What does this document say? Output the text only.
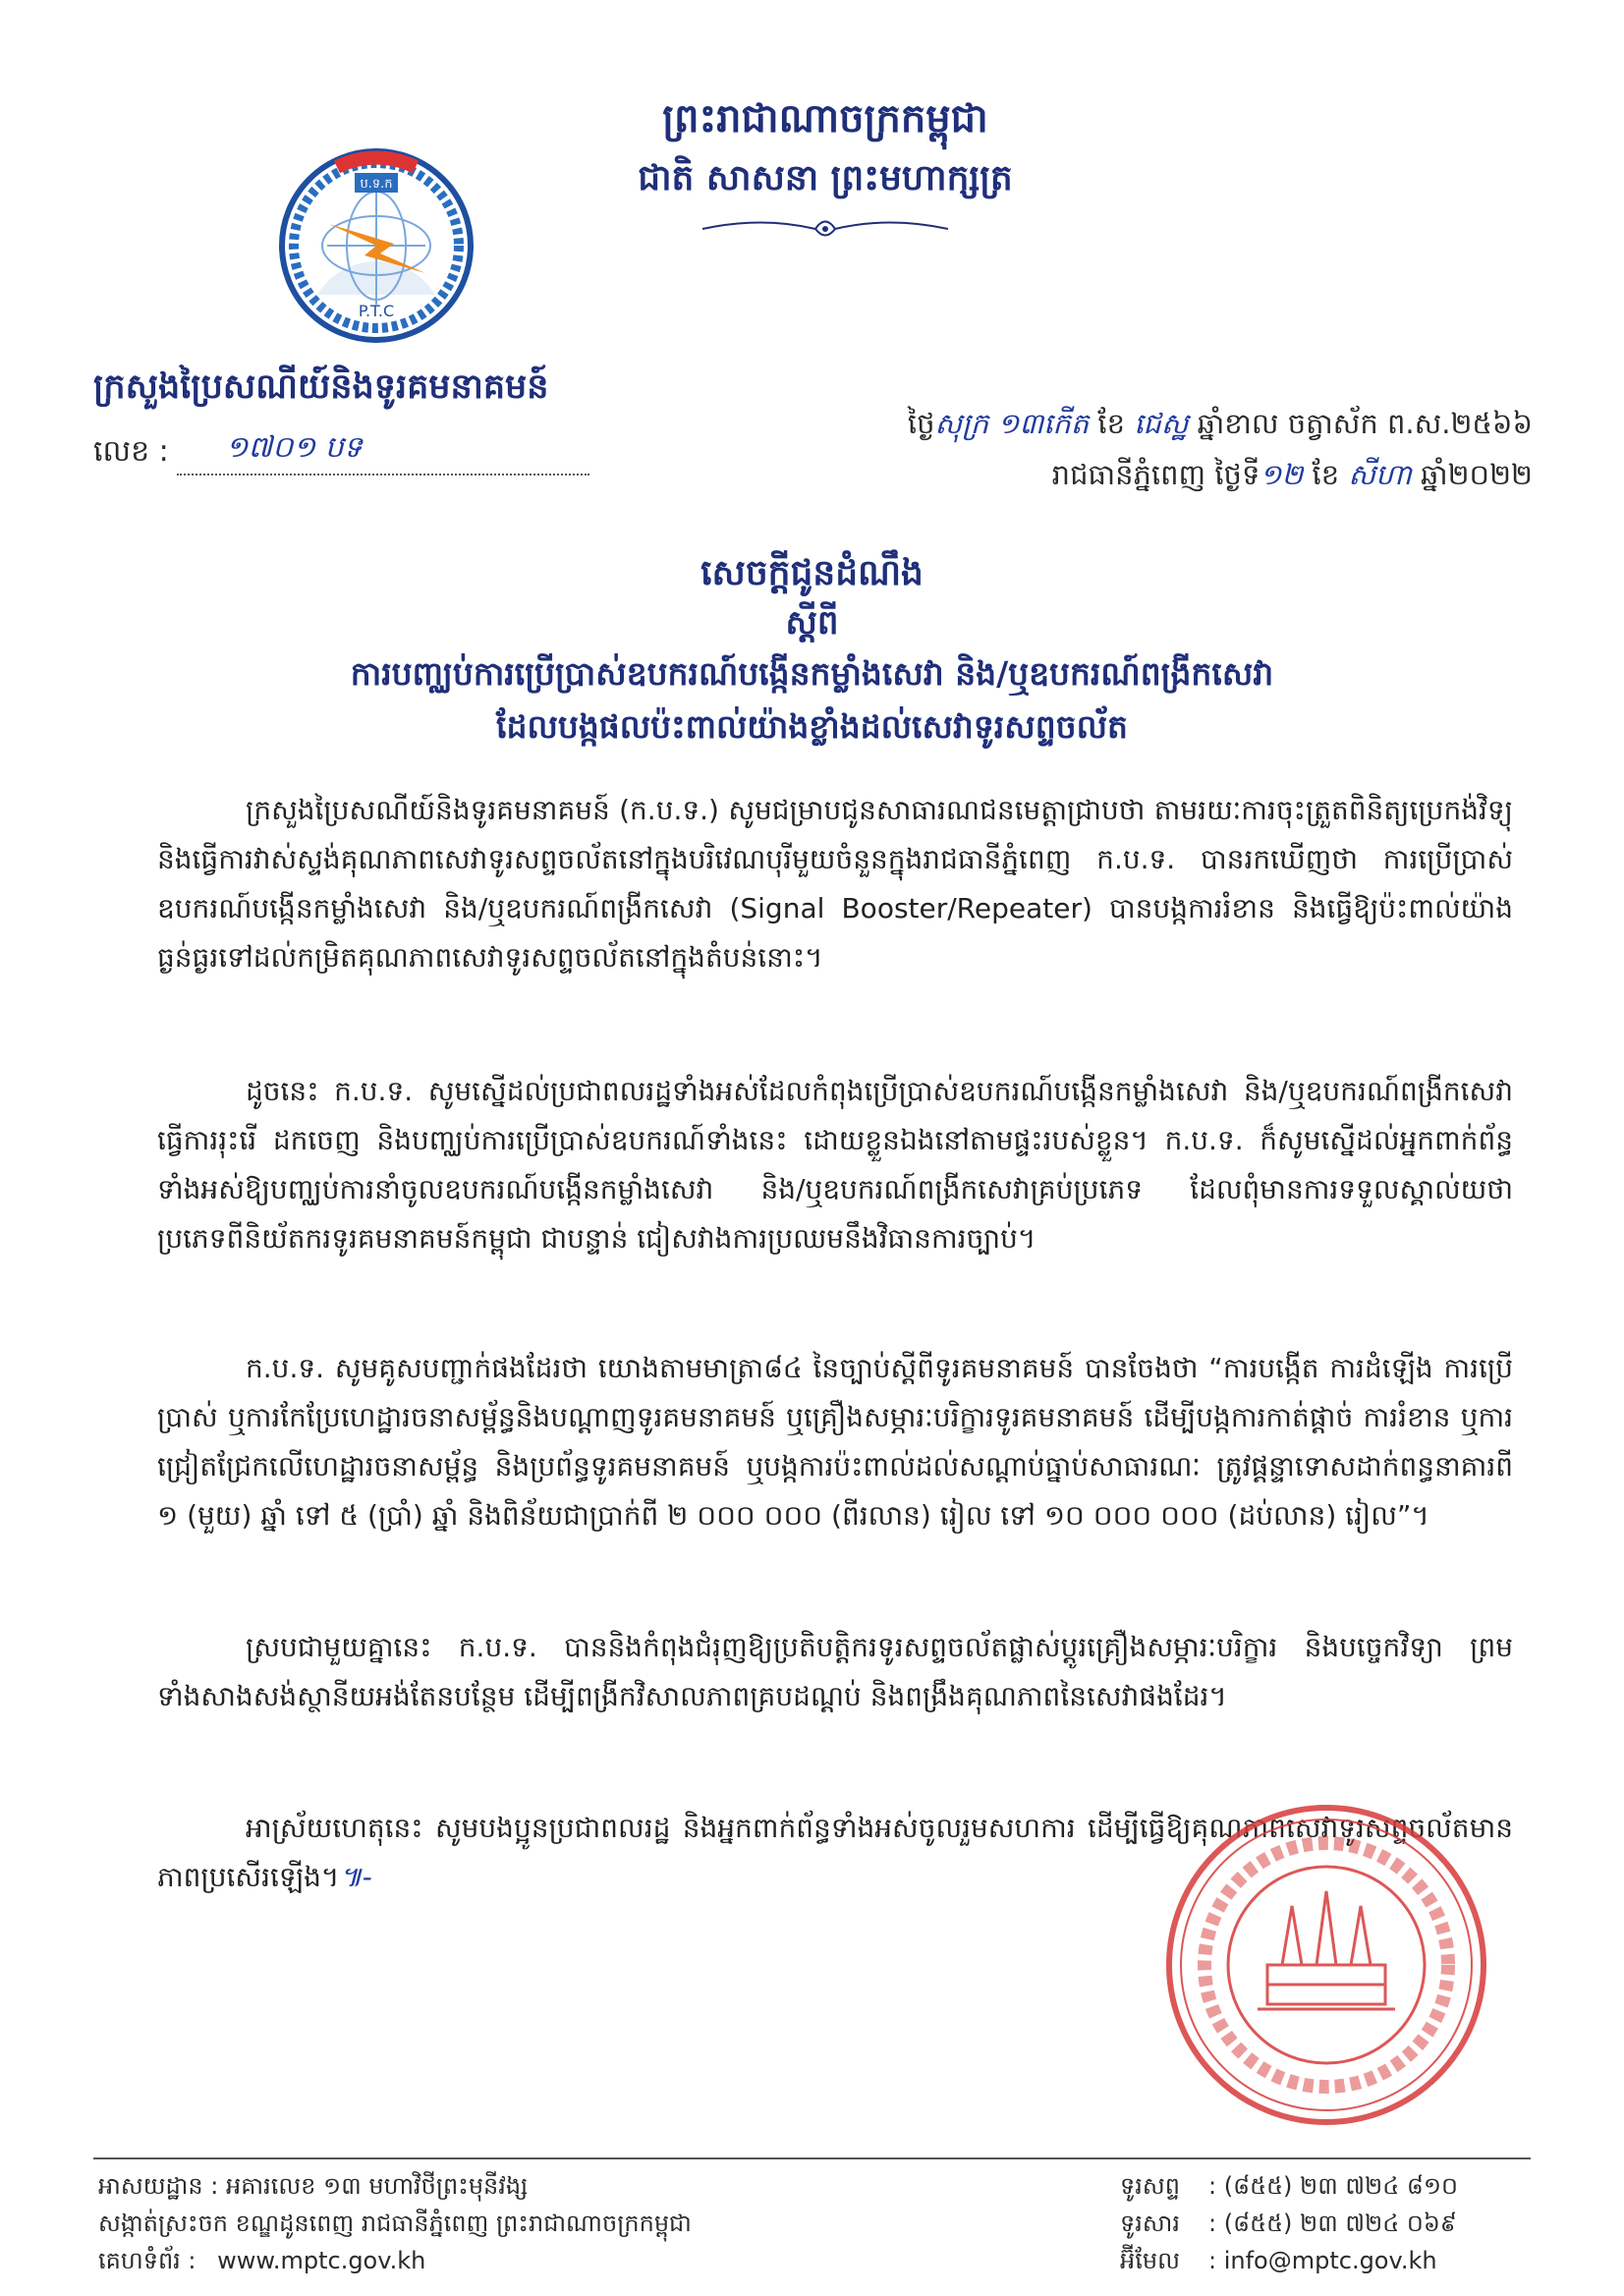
ប.ទ.ក
P.T.C
ព្រះរាជាណាចក្រកម្ពុជា
ជាតិ សាសនា ព្រះមហាក្សត្រ
ក្រសួងប្រៃសណីយ៍និងទូរគមនាគមន៍
លេខ : ១៧០១ បទ
ថ្ងៃសុក្រ ១៣កើត ខែ ជេស្ឋ ឆ្នាំខាល ចត្វាស័ក ព.ស.២៥៦៦
រាជធានីភ្នំពេញ ថ្ងៃទី១២ ខែ សីហា ឆ្នាំ២០២២
សេចក្ដីជូនដំណឹង
ស្ដីពី
ការបញ្ឈប់ការប្រើប្រាស់ឧបករណ៍បង្កើនកម្លាំងសេវា និង/ឬឧបករណ៍ពង្រីកសេវា
ដែលបង្កផលប៉ះពាល់យ៉ាងខ្លាំងដល់សេវាទូរសព្ទចល័ត
ក្រសួងប្រៃសណីយ៍និងទូរគមនាគមន៍ (ក.ប.ទ.) សូមជម្រាបជូនសាធារណជនមេត្តាជ្រាបថា តាមរយៈការចុះត្រួតពិនិត្យប្រេកង់វិទ្យុនិងធ្វើការវាស់ស្ទង់គុណភាពសេវាទូរសព្ទចល័តនៅក្នុងបរិវេណបុរីមួយចំនួនក្នុងរាជធានីភ្នំពេញ ក.ប.ទ. បានរកឃើញថា ការប្រើប្រាស់ឧបករណ៍បង្កើនកម្លាំងសេវា និង/ឬឧបករណ៍ពង្រីកសេវា (Signal Booster/Repeater) បានបង្កការរំខាន និងធ្វើឱ្យប៉ះពាល់យ៉ាងធ្ងន់ធ្ងរទៅដល់កម្រិតគុណភាពសេវាទូរសព្ទចល័តនៅក្នុងតំបន់នោះ។
ដូចនេះ ក.ប.ទ. សូមស្នើដល់ប្រជាពលរដ្ឋទាំងអស់ដែលកំពុងប្រើប្រាស់ឧបករណ៍បង្កើនកម្លាំងសេវា និង/ឬឧបករណ៍ពង្រីកសេវា ធ្វើការរុះរើ ដកចេញ និងបញ្ឈប់ការប្រើប្រាស់ឧបករណ៍ទាំងនេះ ដោយខ្លួនឯងនៅតាមផ្ទះរបស់ខ្លួន។ ក.ប.ទ. ក៏សូមស្នើដល់អ្នកពាក់ព័ន្ធទាំងអស់ឱ្យបញ្ឈប់ការនាំចូលឧបករណ៍បង្កើនកម្លាំងសេវា និង/ឬឧបករណ៍ពង្រីកសេវាគ្រប់ប្រភេទ ដែលពុំមានការទទួលស្គាល់យថាប្រភេទពីនិយ័តករទូរគមនាគមន៍កម្ពុជា ជាបន្ទាន់ ជៀសវាងការប្រឈមនឹងវិធានការច្បាប់។
ក.ប.ទ. សូមគូសបញ្ជាក់ផងដែរថា យោងតាមមាត្រា៨៤ នៃច្បាប់ស្ដីពីទូរគមនាគមន៍ បានចែងថា “ការបង្កើត ការដំឡើង ការប្រើប្រាស់ ឬការកែប្រែហេដ្ឋារចនាសម្ព័ន្ធនិងបណ្ដាញទូរគមនាគមន៍ ឬគ្រឿងសម្ភារៈបរិក្ខារទូរគមនាគមន៍ ដើម្បីបង្កការកាត់ផ្ដាច់ ការរំខាន ឬការជ្រៀតជ្រែកលើហេដ្ឋារចនាសម្ព័ន្ធ និងប្រព័ន្ធទូរគមនាគមន៍ ឬបង្កការប៉ះពាល់ដល់សណ្ដាប់ធ្នាប់សាធារណៈ ត្រូវផ្ដន្ទាទោសដាក់ពន្ធនាគារពី ១ (មួយ) ឆ្នាំ ទៅ ៥ (ប្រាំ) ឆ្នាំ និងពិន័យជាប្រាក់ពី ២ ០០០ ០០០ (ពីរលាន) រៀល ទៅ ១០ ០០០ ០០០ (ដប់លាន) រៀល”។
ស្របជាមួយគ្នានេះ ក.ប.ទ. បាននិងកំពុងជំរុញឱ្យប្រតិបត្តិករទូរសព្ទចល័តផ្លាស់ប្ដូរគ្រឿងសម្ភារៈបរិក្ខារ និងបច្ចេកវិទ្យា ព្រមទាំងសាងសង់ស្ថានីយអង់តែនបន្ថែម ដើម្បីពង្រីកវិសាលភាពគ្របដណ្ដប់ និងពង្រឹងគុណភាពនៃសេវាផងដែរ។
អាស្រ័យហេតុនេះ សូមបងប្អូនប្រជាពលរដ្ឋ និងអ្នកពាក់ព័ន្ធទាំងអស់ចូលរួមសហការ ដើម្បីធ្វើឱ្យគុណភាពសេវាទូរសព្ទចល័តមានភាពប្រសើរឡើង។៕-
អាសយដ្ឋាន : អគារលេខ ១៣ មហាវិថីព្រះមុនីវង្ស
សង្កាត់ស្រះចក ខណ្ឌដូនពេញ រាជធានីភ្នំពេញ ព្រះរាជាណាចក្រកម្ពុជា
គេហទំព័រ : www.mptc.gov.kh
ទូរសព្ទ : (៨៥៥) ២៣ ៧២៤ ៨១០
ទូរសារ : (៨៥៥) ២៣ ៧២៤ ០៦៩
អ៊ីមែល : info@mptc.gov.kh
